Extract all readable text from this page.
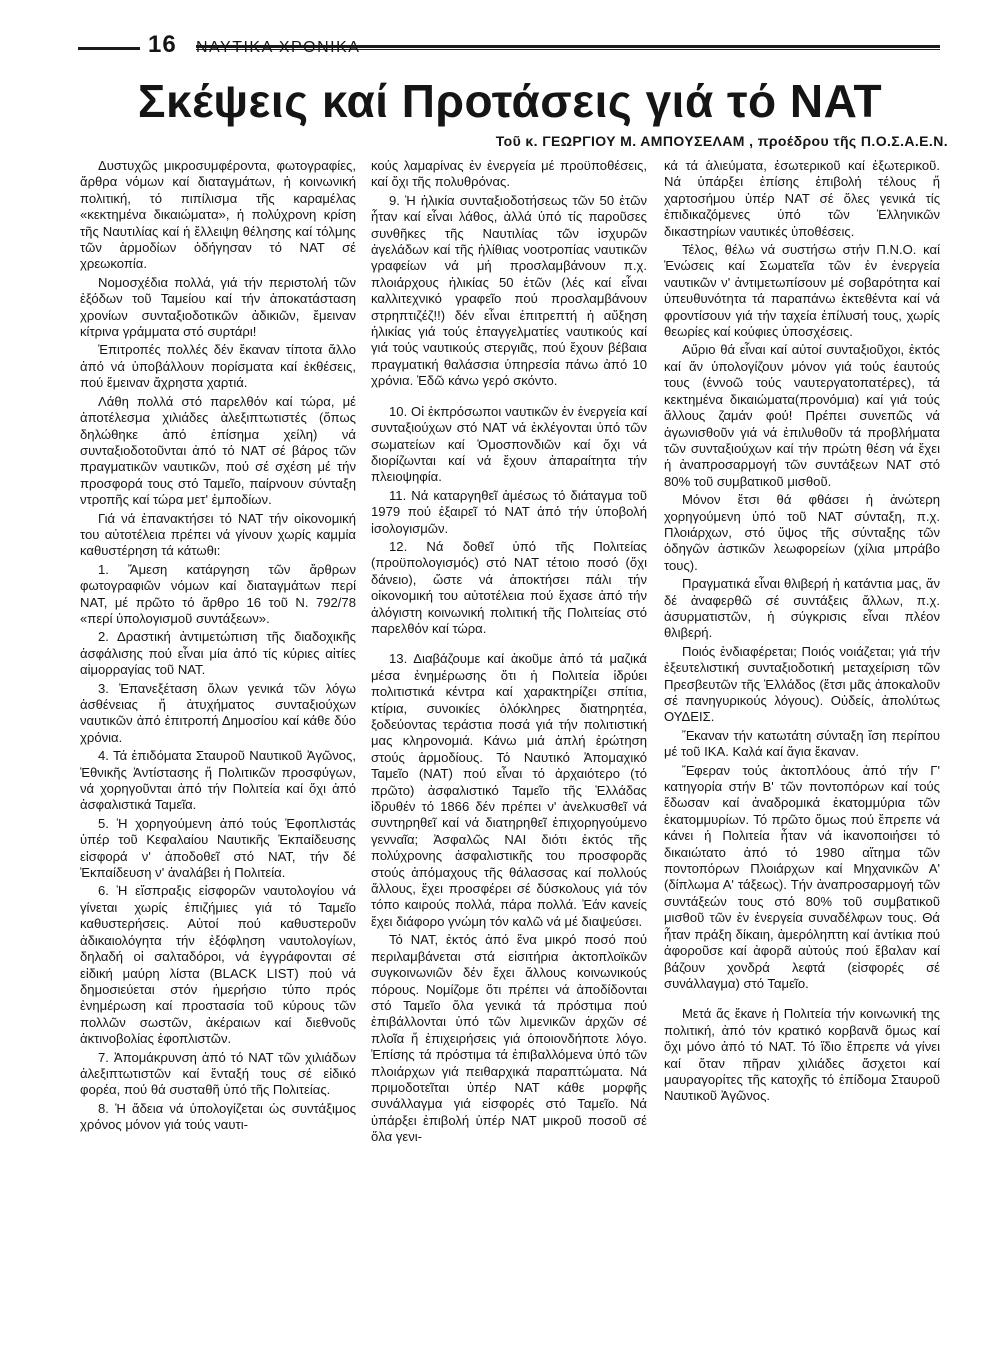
16 ΝΑΥΤΙΚΑ ΧΡΟΝΙΚΑ
Σκέψεις καί Προτάσεις γιά τό ΝΑΤ
Τοῦ κ. ΓΕΩΡΓΙΟΥ Μ. ΑΜΠΟΥΣΕΛΑΜ , προέδρου τῆς Π.Ο.Σ.Α.Ε.Ν.

Δυστυχῶς μικροσυμφέροντα, φωτογραφίες, ἄρθρα νόμων καί διαταγμάτων, ἡ κοινωνική πολιτική, τό πιπίλισμα τῆς καραμέλας «κεκτημένα δικαιώματα», ἡ πολύχρονη κρίση τῆς Ναυτιλίας καί ἡ ἔλλειψη θέλησης καί τόλμης τῶν ἁρμοδίων ὁδήγησαν τό ΝΑΤ σέ χρεωκοπία.

Νομοσχέδια πολλά, γιά τήν περιστολή τῶν ἐξόδων τοῦ Ταμείου καί τήν ἀποκατάσταση χρονίων συνταξιοδοτικῶν ἀδικιῶν, ἔμειναν κίτρινα γράμματα στό συρτάρι!

Ἐπιτροπές πολλές δέν ἔκαναν τίποτα ἄλλο ἀπό νά ὑποβάλλουν πορίσματα καί ἐκθέσεις, πού ἔμειναν ἄχρηστα χαρτιά.

Λάθη πολλά στό παρελθόν καί τώρα, μέ ἀποτέλεσμα χιλιάδες ἀλεξιπτωτιστές (ὅπως δηλώθηκε ἀπό ἐπίσημα χείλη) νά συνταξιοδοτοῦνται ἀπό τό ΝΑΤ σέ βάρος τῶν πραγματικῶν ναυτικῶν, πού σέ σχέση μέ τήν προσφορά τους στό Ταμεῖο, παίρνουν σύνταξη ντροπῆς καί τώρα μετ' ἐμποδίων.

Γιά νά ἐπανακτήσει τό ΝΑΤ τήν οἰκονομική του αὐτοτέλεια πρέπει νά γίνουν χωρίς καμμία καθυστέρηση τά κάτωθι:

1. Ἄμεση κατάργηση τῶν ἄρθρων φωτογραφιῶν νόμων καί διαταγμάτων περί ΝΑΤ, μέ πρῶτο τό ἄρθρο 16 τοῦ Ν. 792/78 «περί ὑπολογισμοῦ συντάξεων».

2. Δραστική ἀντιμετώπιση τῆς διαδοχικῆς ἀσφάλισης πού εἶναι μία ἀπό τίς κύριες αἰτίες αἱμορραγίας τοῦ ΝΑΤ.

3. Ἐπανεξέταση ὅλων γενικά τῶν λόγω ἀσθένειας ἤ ἀτυχήματος συνταξιούχων ναυτικῶν ἀπό ἐπιτροπή Δημοσίου καί κάθε δύο χρόνια.

4. Τά ἐπιδόματα Σταυροῦ Ναυτικοῦ Ἀγῶνος, Ἐθνικῆς Ἀντίστασης ἤ Πολιτικῶν προσφύγων, νά χορηγοῦνται ἀπό τήν Πολιτεία καί ὄχι ἀπό ἀσφαλιστικά Ταμεῖα.

5. Ἡ χορηγούμενη ἀπό τούς Ἐφοπλιστάς ὑπέρ τοῦ Κεφαλαίου Ναυτικῆς Ἐκπαίδευσης εἰσφορά ν' ἀποδοθεῖ στό ΝΑΤ, τήν δέ Ἐκπαίδευση ν' ἀναλάβει ἡ Πολιτεία.

6. Ἡ εἴσπραξις εἰσφορῶν ναυτολογίου νά γίνεται χωρίς ἐπιζήμιες γιά τό Ταμεῖο καθυστερήσεις. Αὐτοί πού καθυστεροῦν ἀδικαιολόγητα τήν ἐξόφληση ναυτολογίων, δηλαδή οἱ σαλταδόροι, νά ἐγγράφονται σέ εἰδική μαύρη λίστα (BLACK LIST) πού νά δημοσιεύεται στόν ἡμερήσιο τύπο πρός ἐνημέρωση καί προστασία τοῦ κύρους τῶν πολλῶν σωστῶν, ἀκέραιων καί διεθνοῦς ἀκτινοβολίας ἐφοπλιστῶν.

7. Ἀπομάκρυνση ἀπό τό ΝΑΤ τῶν χιλιάδων ἀλεξιπτωτιστῶν καί ἔνταξή τους σέ εἰδικό φορέα, πού θά συσταθῆ ὑπό τῆς Πολιτείας.

8. Ἡ ἄδεια νά ὑπολογίζεται ὡς συντάξιμος χρόνος μόνον γιά τούς ναυτι-

κούς λαμαρίνας ἐν ἐνεργεία μέ προϋποθέσεις, καί ὄχι τῆς πολυθρόνας.

9. Ἡ ἡλικία συνταξιοδοτήσεως τῶν 50 ἐτῶν ἦταν καί εἶναι λάθος, ἀλλά ὑπό τίς παροῦσες συνθῆκες τῆς Ναυτιλίας τῶν ἰσχυρῶν ἀγελάδων καί τῆς ἠλίθιας νοοτροπίας ναυτικῶν γραφείων νά μή προσλαμβάνουν π.χ. πλοιάρχους ἡλικίας 50 ἐτῶν (λές καί εἶναι καλλιτεχνικό γραφεῖο πού προσλαμβάνουν στρηπτιζέζ!!) δέν εἶναι ἐπιτρεπτή ἡ αὔξηση ἡλικίας γιά τούς ἐπαγγελματίες ναυτικούς καί γιά τούς ναυτικούς στεργιᾶς, πού ἔχουν βέβαια πραγματική θαλάσσια ὑπηρεσία πάνω ἀπό 10 χρόνια. Ἐδῶ κάνω γερό σκόντο.

10. Οἱ ἐκπρόσωποι ναυτικῶν ἐν ἐνεργεία καί συνταξιούχων στό ΝΑΤ νά ἐκλέγονται ὑπό τῶν σωματείων καί Ὁμοσπονδιῶν καί ὄχι νά διορίζωνται καί νά ἔχουν ἀπαραίτητα τήν πλειοψηφία.

11. Νά καταργηθεῖ ἀμέσως τό διάταγμα τοῦ 1979 πού ἐξαιρεῖ τό ΝΑΤ ἀπό τήν ὑποβολή ἰσολογισμῶν.

12. Νά δοθεῖ ὑπό τῆς Πολιτείας (προϋπολογισμός) στό ΝΑΤ τέτοιο ποσό (ὄχι δάνειο), ὥστε νά ἀποκτήσει πάλι τήν οἰκονομική του αὐτοτέλεια πού ἔχασε ἀπό τήν ἀλόγιστη κοινωνική πολιτική τῆς Πολιτείας στό παρελθόν καί τώρα.

13. Διαβάζουμε καί ἀκοῦμε ἀπό τά μαζικά μέσα ἐνημέρωσης ὅτι ἡ Πολιτεία ἱδρύει πολιτιστικά κέντρα καί χαρακτηρίζει σπίτια, κτίρια, συνοικίες ὁλόκληρες διατηρητέα, ξοδεύοντας τεράστια ποσά γιά τήν πολιτιστική μας κληρονομιά. Κάνω μιά ἁπλή ἐρώτηση στούς ἁρμοδίους. Τό Ναυτικό Ἀπομαχικό Ταμεῖο (ΝΑΤ) πού εἶναι τό ἀρχαιότερο (τό πρῶτο) ἀσφαλιστικό Ταμεῖο τῆς Ἑλλάδας ἱδρυθέν τό 1866 δέν πρέπει ν' ἀνελκυσθεῖ νά συντηρηθεῖ καί νά διατηρηθεῖ ἐπιχορηγούμενο γενναῖα; Ἀσφαλῶς ΝΑΙ διότι ἐκτός τῆς πολύχρονης ἀσφαλιστικῆς του προσφορᾶς στούς ἀπόμαχους τῆς θάλασσας καί πολλούς ἄλλους, ἔχει προσφέρει σέ δύσκολους γιά τόν τόπο καιρούς πολλά, πάρα πολλά. Ἐάν κανείς ἔχει διάφορο γνώμη τόν καλῶ νά μέ διαψεύσει.

Τό ΝΑΤ, ἐκτός ἀπό ἕνα μικρό ποσό πού περιλαμβάνεται στά εἰσιτήρια ἀκτοπλοϊκῶν συγκοινωνιῶν δέν ἔχει ἄλλους κοινωνικούς πόρους. Νομίζομε ὅτι πρέπει νά ἀποδίδονται στό Ταμεῖο ὅλα γενικά τά πρόστιμα πού ἐπιβάλλονται ὑπό τῶν λιμενικῶν ἀρχῶν σέ πλοῖα ἤ ἐπιχειρήσεις γιά ὁποιονδήποτε λόγο. Ἐπίσης τά πρόστιμα τά ἐπιβαλλόμενα ὑπό τῶν πλοιάρχων γιά πειθαρχικά παραπτώματα. Νά πριμοδοτεῖται ὑπέρ ΝΑΤ κάθε μορφῆς συνάλλαγμα γιά εἰσφορές στό Ταμεῖο. Νά ὑπάρξει ἐπιβολή ὑπέρ ΝΑΤ μικροῦ ποσοῦ σέ ὅλα γενι-

κά τά ἁλιεύματα, ἐσωτερικοῦ καί ἐξωτερικοῦ. Νά ὑπάρξει ἐπίσης ἐπιβολή τέλους ἤ χαρτοσήμου ὑπέρ ΝΑΤ σέ ὅλες γενικά τίς ἐπιδικαζόμενες ὑπό τῶν Ἑλληνικῶν δικαστηρίων ναυτικές ὑποθέσεις.

Τέλος, θέλω νά συστήσω στήν Π.Ν.Ο. καί Ἑνώσεις καί Σωματεῖα τῶν ἐν ἐνεργεία ναυτικῶν ν' ἀντιμετωπίσουν μέ σοβαρότητα καί ὑπευθυνότητα τά παραπάνω ἐκτεθέντα καί νά φροντίσουν γιά τήν ταχεία ἐπίλυσή τους, χωρίς θεωρίες καί κούφιες ὑποσχέσεις.

Αὔριο θά εἶναι καί αὐτοί συνταξιοῦχοι, ἐκτός καί ἄν ὑπολογίζουν μόνον γιά τούς ἑαυτούς τους (ἐννοῶ τούς ναυτεργατοπατέρες), τά κεκτημένα δικαιώματα(προνόμια) καί γιά τούς ἄλλους ζαμάν φού! Πρέπει συνεπῶς νά ἀγωνισθοῦν γιά νά ἐπιλυθοῦν τά προβλήματα τῶν συνταξιούχων καί τήν πρώτη θέση νά ἔχει ἡ ἀναπροσαρμογή τῶν συντάξεων ΝΑΤ στό 80% τοῦ συμβατικοῦ μισθοῦ.

Μόνον ἔτσι θά φθάσει ἡ ἀνώτερη χορηγούμενη ὑπό τοῦ ΝΑΤ σύνταξη, π.χ. Πλοιάρχων, στό ὕψος τῆς σύνταξης τῶν ὁδηγῶν ἀστικῶν λεωφορείων (χίλια μπράβο τους).

Πραγματικά εἶναι θλιβερή ἡ κατάντια μας, ἄν δέ ἀναφερθῶ σέ συντάξεις ἄλλων, π.χ. ἀσυρματιστῶν, ἡ σύγκρισις εἶναι πλέον θλιβερή.

Ποιός ἐνδιαφέρεται; Ποιός νοιάζεται; γιά τήν ἐξευτελιστική συνταξιοδοτική μεταχείριση τῶν Πρεσβευτῶν τῆς Ἑλλάδος (ἔτσι μᾶς ἀποκαλοῦν σέ πανηγυρικούς λόγους). Οὐδείς, ἀπολύτως ΟΥΔΕΙΣ.

Ἔκαναν τήν κατωτάτη σύνταξη ἴση περίπου μέ τοῦ ΙΚΑ. Καλά καί ἅγια ἔκαναν.

Ἔφεραν τούς ἀκτοπλόους ἀπό τήν Γ' κατηγορία στήν Β' τῶν ποντοπόρων καί τούς ἔδωσαν καί ἀναδρομικά ἑκατομμύρια τῶν ἑκατομμυρίων. Τό πρῶτο ὅμως πού ἔπρεπε νά κάνει ἡ Πολιτεία ἦταν νά ἱκανοποιήσει τό δικαιώτατο ἀπό τό 1980 αἴτημα τῶν ποντοπόρων Πλοιάρχων καί Μηχανικῶν Α' (δίπλωμα Α' τάξεως). Τήν ἀναπροσαρμογή τῶν συντάξεών τους στό 80% τοῦ συμβατικοῦ μισθοῦ τῶν ἐν ἐνεργεία συναδέλφων τους. Θά ἦταν πράξη δίκαιη, ἀμερόληπτη καί ἀντίκια πού ἀφοροῦσε καί ἀφορᾶ αὐτούς πού ἔβαλαν καί βάζουν χονδρά λεφτά (εἰσφορές σέ συνάλλαγμα) στό Ταμεῖο.

Μετά ἄς ἔκανε ἡ Πολιτεία τήν κοινωνική της πολιτική, ἀπό τόν κρατικό κορβανᾶ ὅμως καί ὄχι μόνο ἀπό τό ΝΑΤ. Τό ἴδιο ἔπρεπε νά γίνει καί ὅταν πῆραν χιλιάδες ἄσχετοι καί μαυραγορίτες τῆς κατοχῆς τό ἐπίδομα Σταυροῦ Ναυτικοῦ Ἀγῶνος.
